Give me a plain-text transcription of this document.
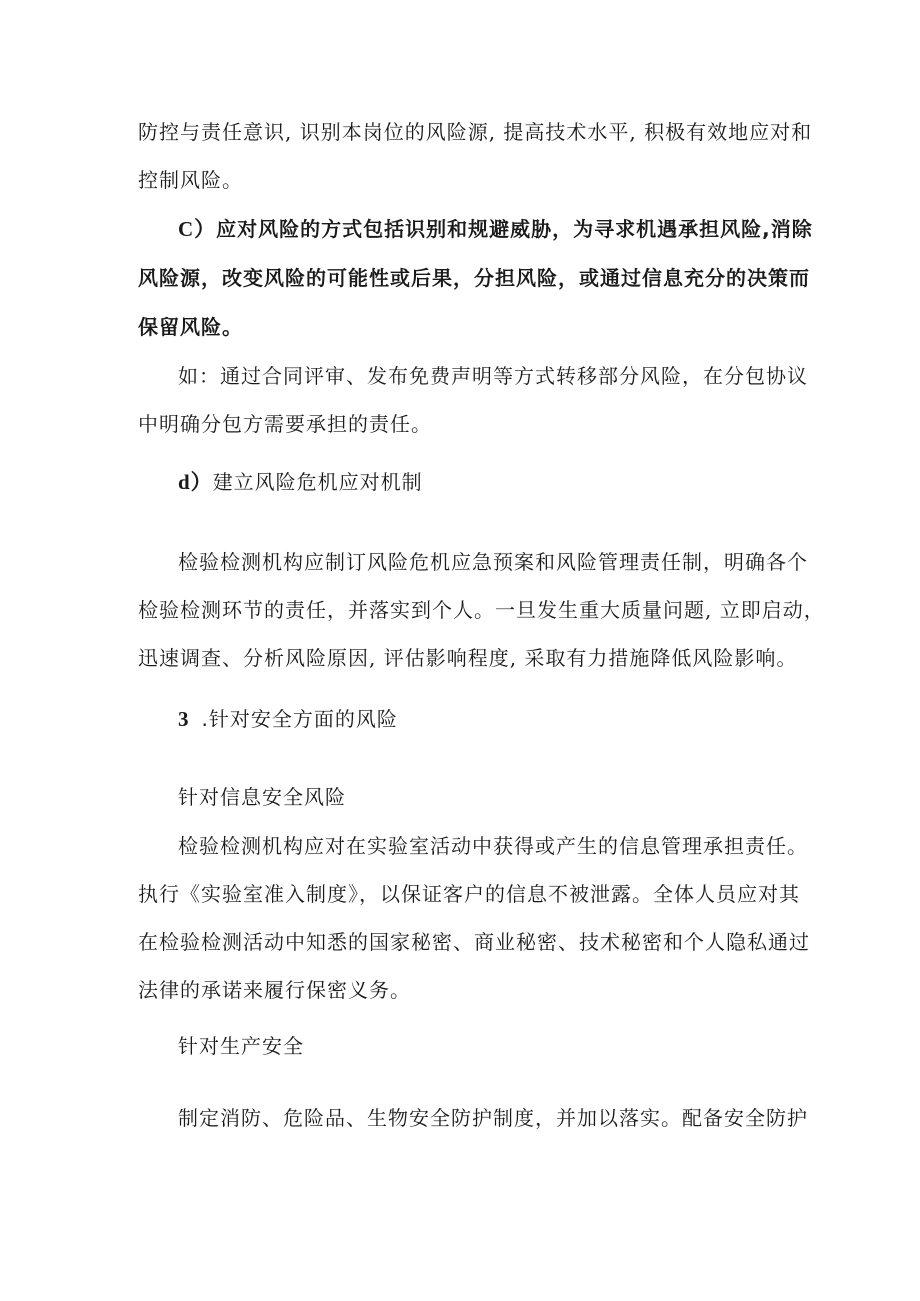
防控与责任意识, 识别本岗位的风险源, 提高技术水平, 积极有效地应对和
控制风险。
C）应对风险的方式包括识别和规避威胁，为寻求机遇承担风险,消除
风险源，改变风险的可能性或后果，分担风险，或通过信息充分的决策而
保留风险。
如：通过合同评审、发布免费声明等方式转移部分风险，在分包协议
中明确分包方需要承担的责任。
d）建立风险危机应对机制
检验检测机构应制订风险危机应急预案和风险管理责任制，明确各个
检验检测环节的责任，并落实到个人。一旦发生重大质量问题, 立即启动，
迅速调查、分析风险原因, 评估影响程度, 采取有力措施降低风险影响。
3 .针对安全方面的风险
针对信息安全风险
检验检测机构应对在实验室活动中获得或产生的信息管理承担责任。
执行《实验室准入制度》，以保证客户的信息不被泄露。全体人员应对其
在检验检测活动中知悉的国家秘密、商业秘密、技术秘密和个人隐私通过
法律的承诺来履行保密义务。
针对生产安全
制定消防、危险品、生物安全防护制度，并加以落实。配备安全防护
